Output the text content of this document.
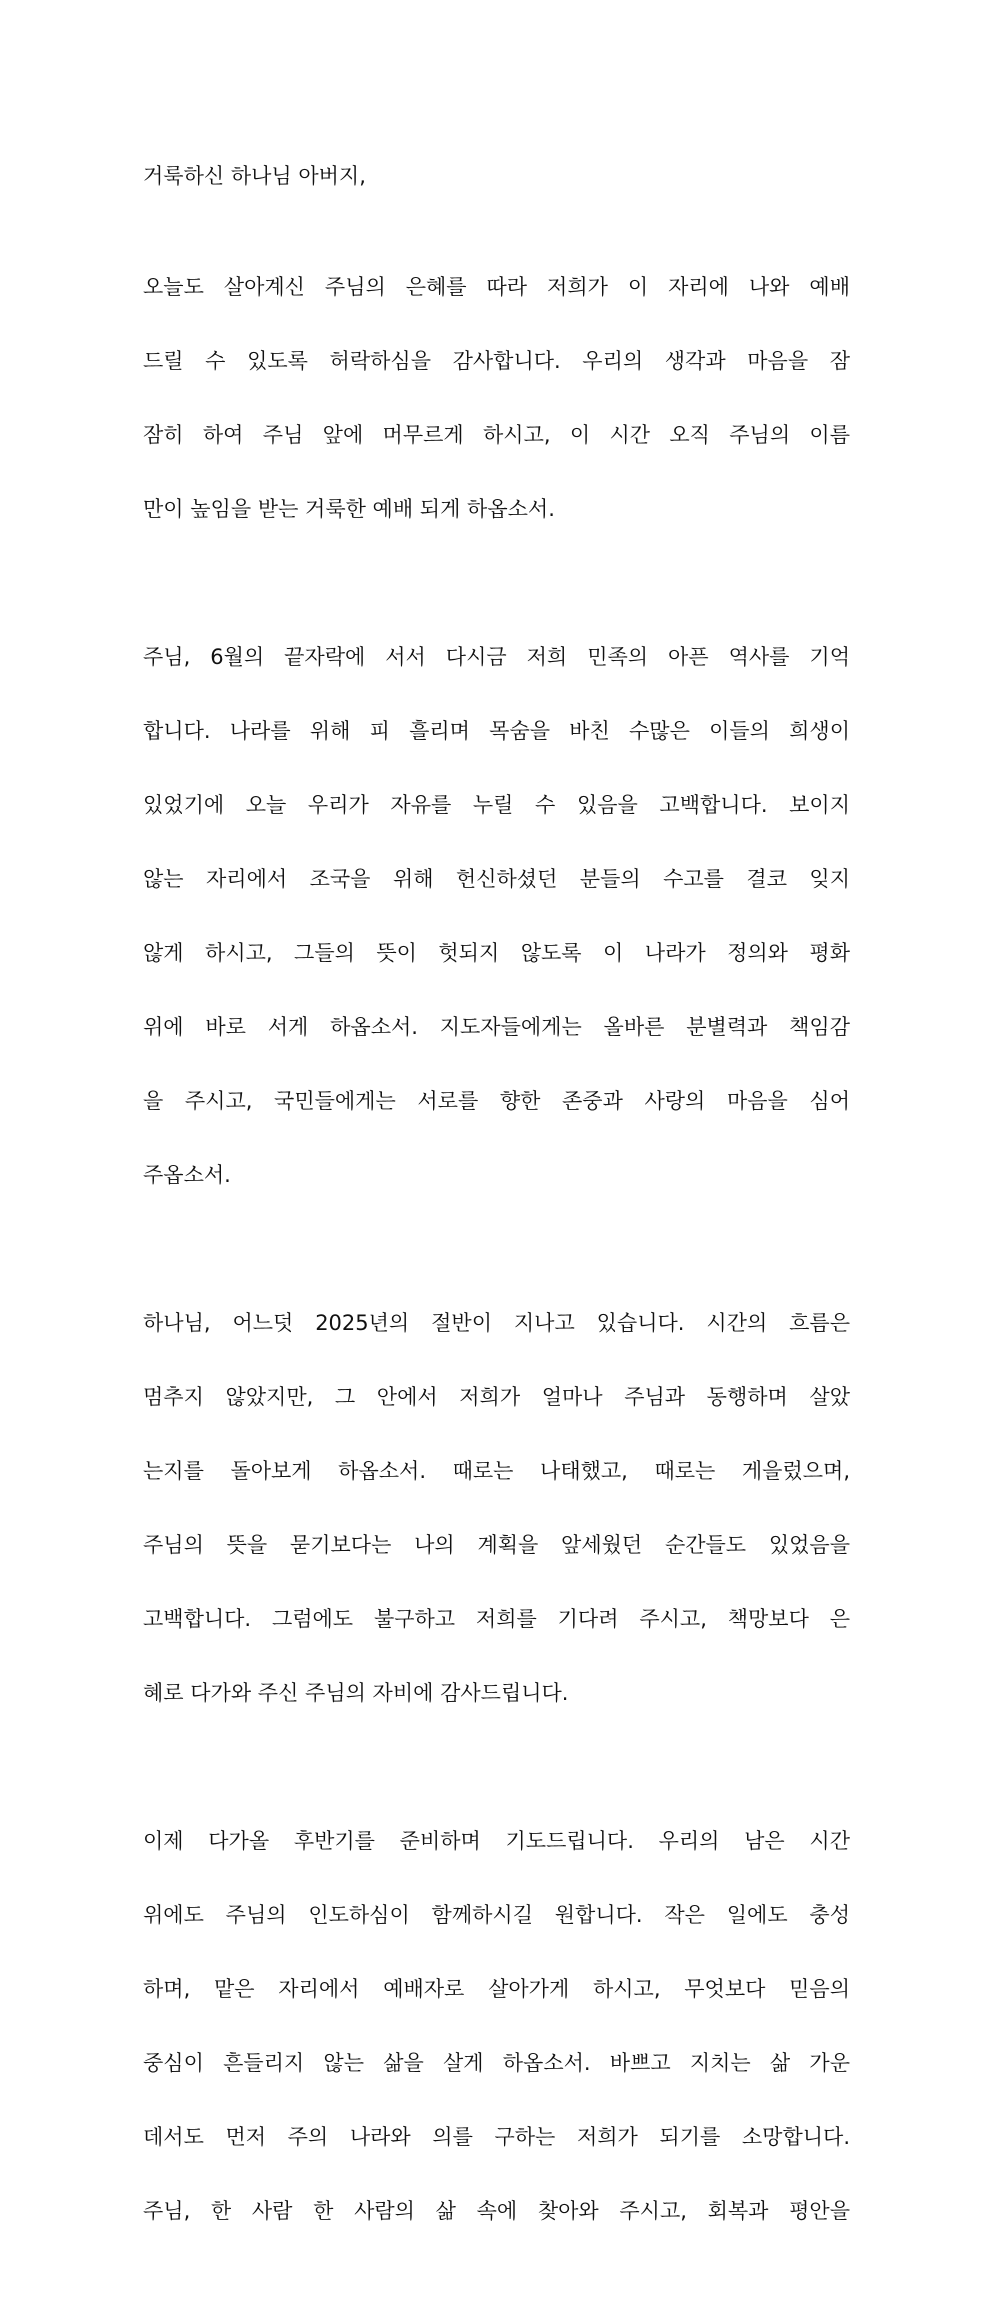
거룩하신 하나님 아버지,

오늘도 살아계신 주님의 은혜를 따라 저희가 이 자리에 나와 예배

드릴 수 있도록 허락하심을 감사합니다. 우리의 생각과 마음을 잠

잠히 하여 주님 앞에 머무르게 하시고, 이 시간 오직 주님의 이름

만이 높임을 받는 거룩한 예배 되게 하옵소서.

주님, 6월의 끝자락에 서서 다시금 저희 민족의 아픈 역사를 기억

합니다. 나라를 위해 피 흘리며 목숨을 바친 수많은 이들의 희생이

있었기에 오늘 우리가 자유를 누릴 수 있음을 고백합니다. 보이지

않는 자리에서 조국을 위해 헌신하셨던 분들의 수고를 결코 잊지

않게 하시고, 그들의 뜻이 헛되지 않도록 이 나라가 정의와 평화

위에 바로 서게 하옵소서. 지도자들에게는 올바른 분별력과 책임감

을 주시고, 국민들에게는 서로를 향한 존중과 사랑의 마음을 심어

주옵소서.

하나님, 어느덧 2025년의 절반이 지나고 있습니다. 시간의 흐름은

멈추지 않았지만, 그 안에서 저희가 얼마나 주님과 동행하며 살았

는지를 돌아보게 하옵소서. 때로는 나태했고, 때로는 게을렀으며,

주님의 뜻을 묻기보다는 나의 계획을 앞세웠던 순간들도 있었음을

고백합니다. 그럼에도 불구하고 저희를 기다려 주시고, 책망보다 은

혜로 다가와 주신 주님의 자비에 감사드립니다.

이제 다가올 후반기를 준비하며 기도드립니다. 우리의 남은 시간

위에도 주님의 인도하심이 함께하시길 원합니다. 작은 일에도 충성

하며, 맡은 자리에서 예배자로 살아가게 하시고, 무엇보다 믿음의

중심이 흔들리지 않는 삶을 살게 하옵소서. 바쁘고 지치는 삶 가운

데서도 먼저 주의 나라와 의를 구하는 저희가 되기를 소망합니다.

주님, 한 사람 한 사람의 삶 속에 찾아와 주시고, 회복과 평안을
